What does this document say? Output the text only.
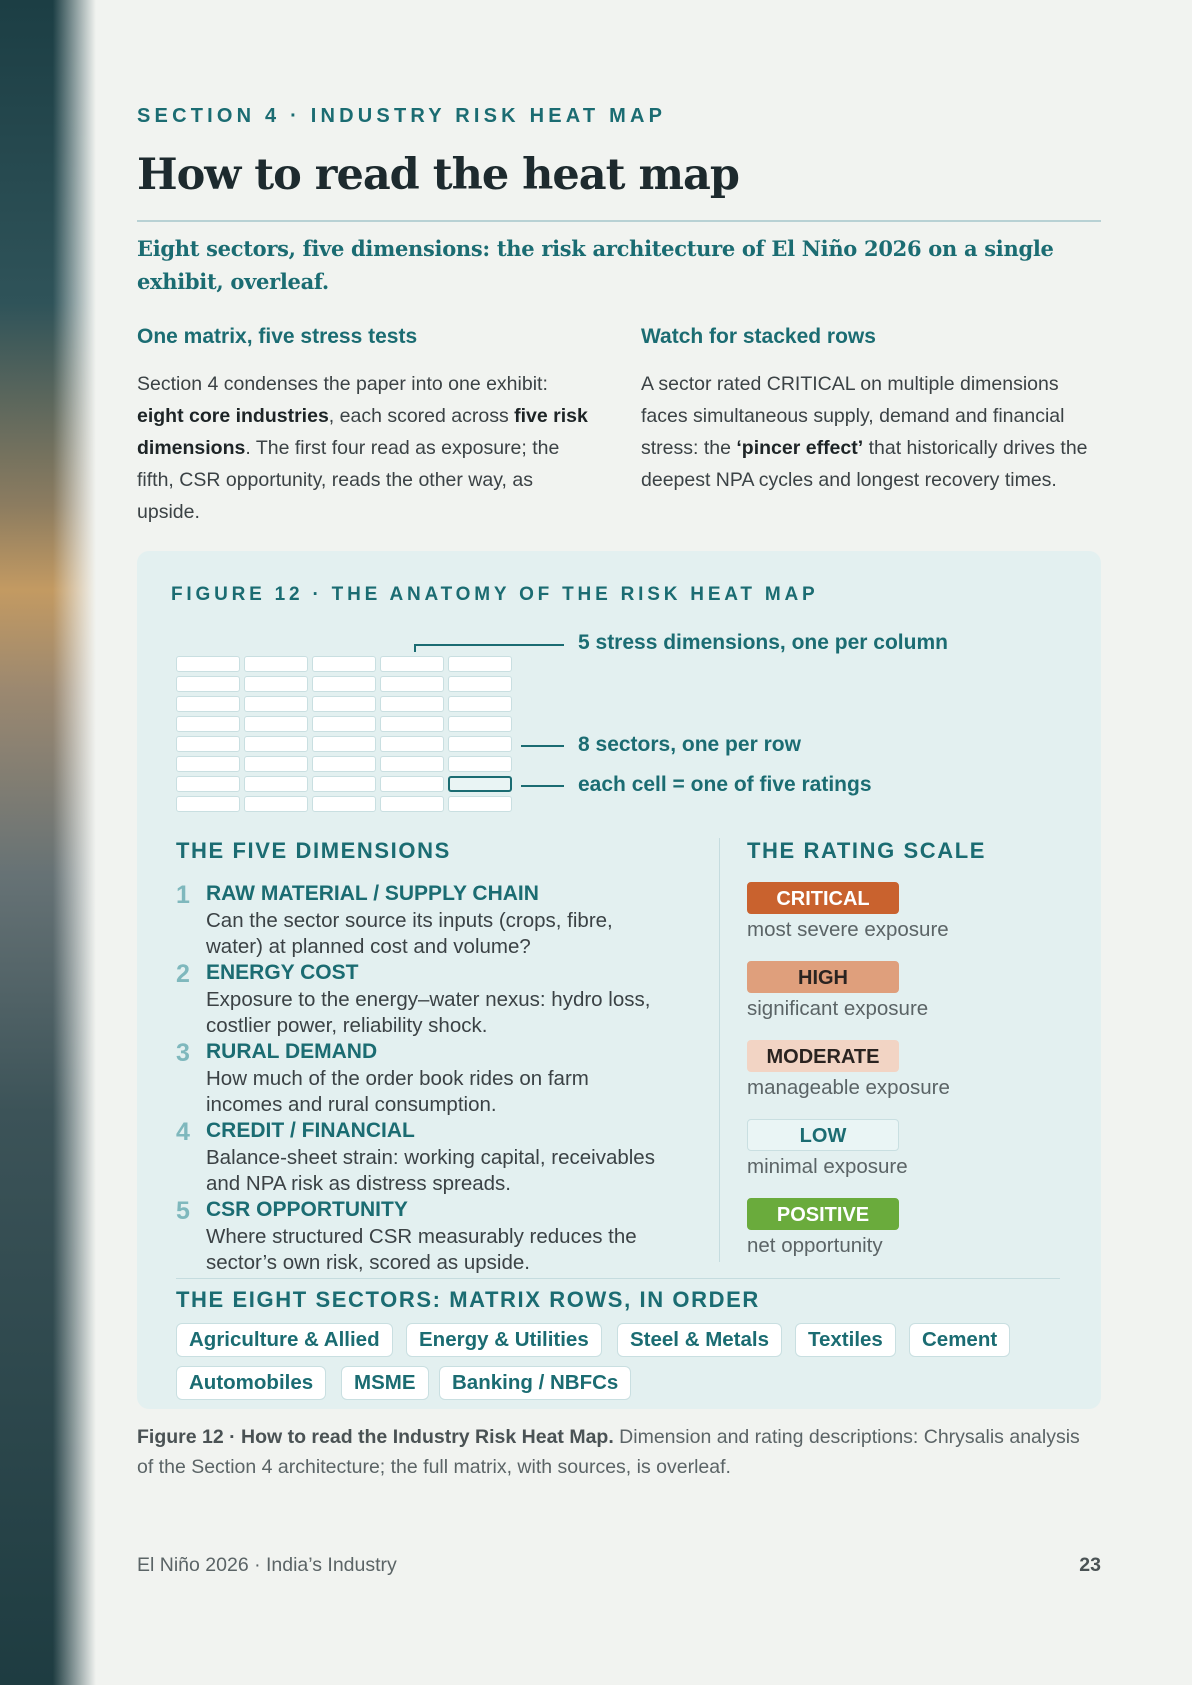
SECTION 4 · INDUSTRY RISK HEAT MAP
How to read the heat map
Eight sectors, five dimensions: the risk architecture of El Niño 2026 on a single exhibit, overleaf.
One matrix, five stress tests

Section 4 condenses the paper into one exhibit: eight core industries, each scored across five risk dimensions. The first four read as exposure; the fifth, CSR opportunity, reads the other way, as upside.

Watch for stacked rows

A sector rated CRITICAL on multiple dimensions faces simultaneous supply, demand and financial stress: the ‘pincer effect’ that historically drives the deepest NPA cycles and longest recovery times.

FIGURE 12 · THE ANATOMY OF THE RISK HEAT MAP
5 stress dimensions, one per column
8 sectors, one per row
each cell = one of five ratings
THE FIVE DIMENSIONS
1 RAW MATERIAL / SUPPLY CHAIN
Can the sector source its inputs (crops, fibre, water) at planned cost and volume?
2 ENERGY COST
Exposure to the energy–water nexus: hydro loss, costlier power, reliability shock.
3 RURAL DEMAND
How much of the order book rides on farm incomes and rural consumption.
4 CREDIT / FINANCIAL
Balance-sheet strain: working capital, receivables and NPA risk as distress spreads.
5 CSR OPPORTUNITY
Where structured CSR measurably reduces the sector’s own risk, scored as upside.
THE RATING SCALE
CRITICAL
most severe exposure
HIGH
significant exposure
MODERATE
manageable exposure
LOW
minimal exposure
POSITIVE
net opportunity
THE EIGHT SECTORS: MATRIX ROWS, IN ORDER
Agriculture & Allied	Energy & Utilities	Steel & Metals	Textiles	Cement
Automobiles	MSME	Banking / NBFCs
Figure 12 · How to read the Industry Risk Heat Map. Dimension and rating descriptions: Chrysalis analysis of the Section 4 architecture; the full matrix, with sources, is overleaf.
El Niño 2026 · India’s Industry	23
